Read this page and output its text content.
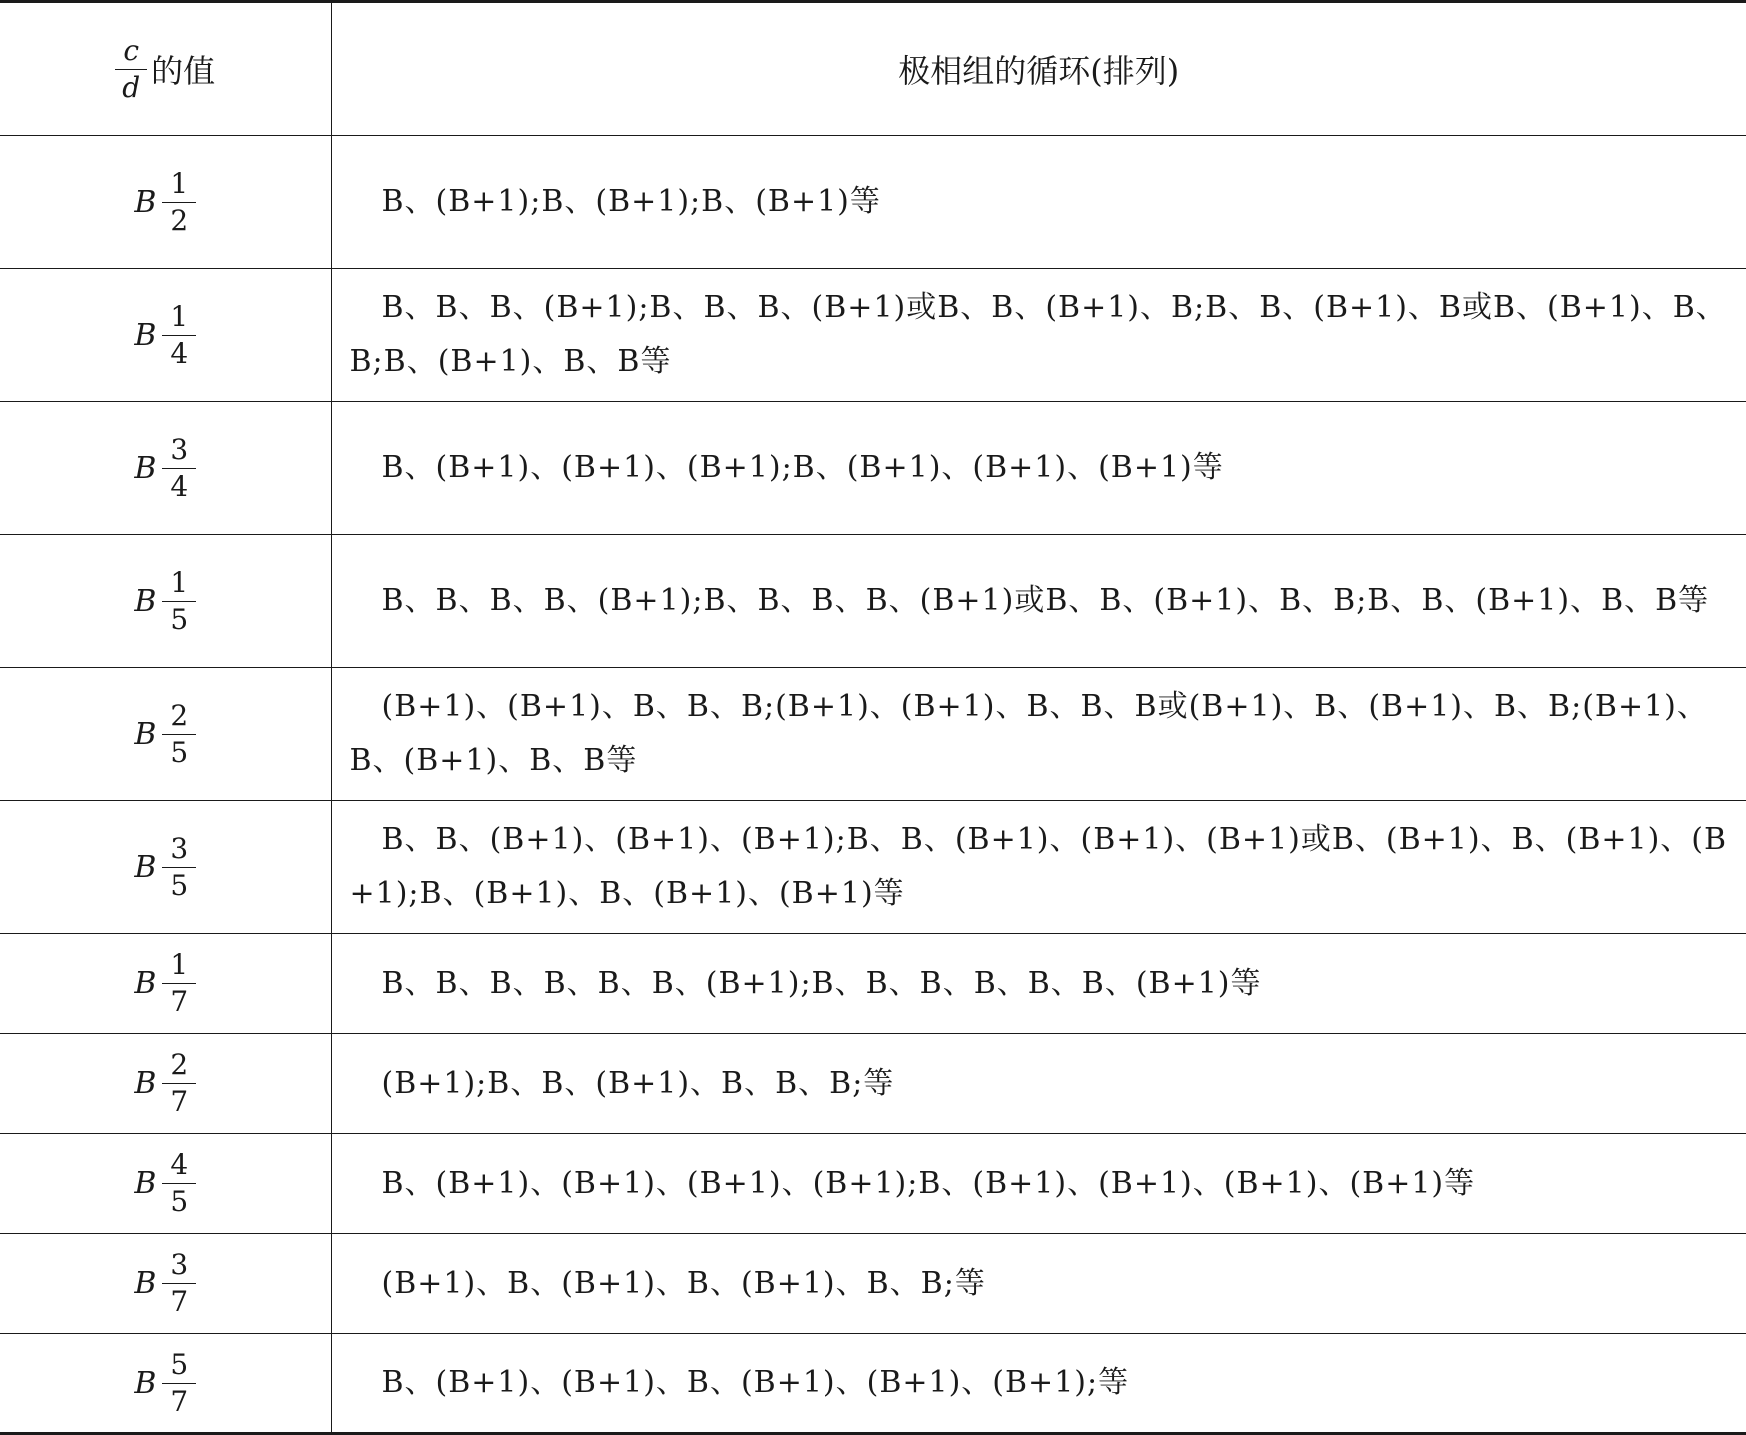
$\frac{c}{d}$ 的值	极相组的循环(排列)

B $\frac{1}{2}$	B、(B+1);B、(B+1);B、(B+1)等

B $\frac{1}{4}$	B、B、B、(B+1);B、B、B、(B+1)或B、B、(B+1)、B;B、B、(B+1)、B或B、(B+1)、B、B;B、(B+1)、B、B等

B $\frac{3}{4}$	B、(B+1)、(B+1)、(B+1);B、(B+1)、(B+1)、(B+1)等

B $\frac{1}{5}$	B、B、B、B、(B+1);B、B、B、B、(B+1)或B、B、(B+1)、B、B;B、B、(B+1)、B、B等

B $\frac{2}{5}$	(B+1)、(B+1)、B、B、B;(B+1)、(B+1)、B、B、B或(B+1)、B、(B+1)、B、B;(B+1)、B、(B+1)、B、B等

B $\frac{3}{5}$	B、B、(B+1)、(B+1)、(B+1);B、B、(B+1)、(B+1)、(B+1)或B、(B+1)、B、(B+1)、(B+1);B、(B+1)、B、(B+1)、(B+1)等

B $\frac{1}{7}$	B、B、B、B、B、B、(B+1);B、B、B、B、B、B、(B+1)等

B $\frac{2}{7}$	(B+1);B、B、(B+1)、B、B、B;等

B $\frac{4}{5}$	B、(B+1)、(B+1)、(B+1)、(B+1);B、(B+1)、(B+1)、(B+1)、(B+1)等

B $\frac{3}{7}$	(B+1)、B、(B+1)、B、(B+1)、B、B;等

B $\frac{5}{7}$	B、(B+1)、(B+1)、B、(B+1)、(B+1)、(B+1);等
